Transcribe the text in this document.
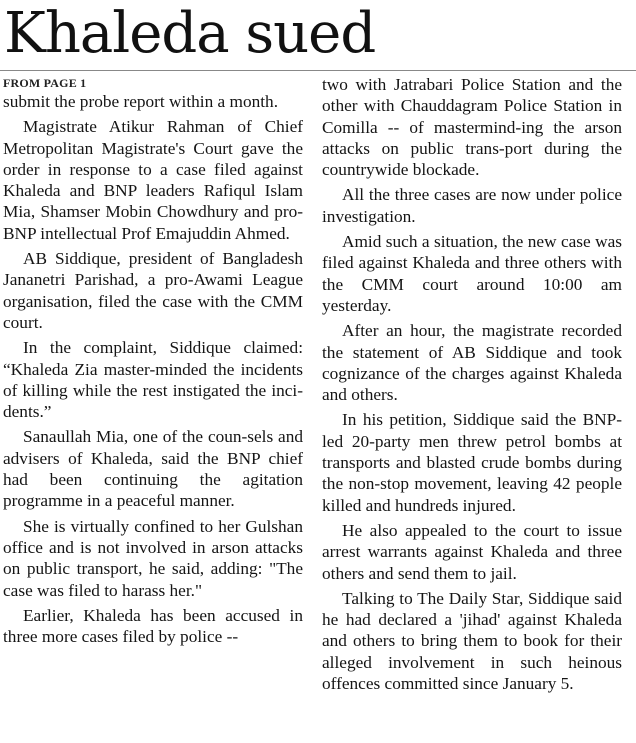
Khaleda sued
FROM PAGE 1

submit the probe report within a month.

Magistrate Atikur Rahman of Chief Metropolitan Magistrate's Court gave the order in response to a case filed against Khaleda and BNP leaders Rafiqul Islam Mia, Shamser Mobin Chowdhury and pro-BNP intellectual Prof Emajuddin Ahmed.

AB Siddique, president of Bangladesh Jananetri Parishad, a pro-Awami League organisation, filed the case with the CMM court.

In the complaint, Siddique claimed: “Khaleda Zia master-minded the incidents of killing while the rest instigated the inci-dents.”

Sanaullah Mia, one of the coun-sels and advisers of Khaleda, said the BNP chief had been continuing the agitation programme in a peaceful manner.

She is virtually confined to her Gulshan office and is not involved in arson attacks on public transport, he said, adding: "The case was filed to harass her."

Earlier, Khaleda has been accused in three more cases filed by police --

two with Jatrabari Police Station and the other with Chauddagram Police Station in Comilla -- of mastermind-ing the arson attacks on public trans-port during the countrywide blockade.

All the three cases are now under police investigation.

Amid such a situation, the new case was filed against Khaleda and three others with the CMM court around 10:00 am yesterday.

After an hour, the magistrate recorded the statement of AB Siddique and took cognizance of the charges against Khaleda and others.

In his petition, Siddique said the BNP-led 20-party men threw petrol bombs at transports and blasted crude bombs during the non-stop movement, leaving 42 people killed and hundreds injured.

He also appealed to the court to issue arrest warrants against Khaleda and three others and send them to jail.

Talking to The Daily Star, Siddique said he had declared a 'jihad' against Khaleda and others to bring them to book for their alleged involvement in such heinous offences committed since January 5.
